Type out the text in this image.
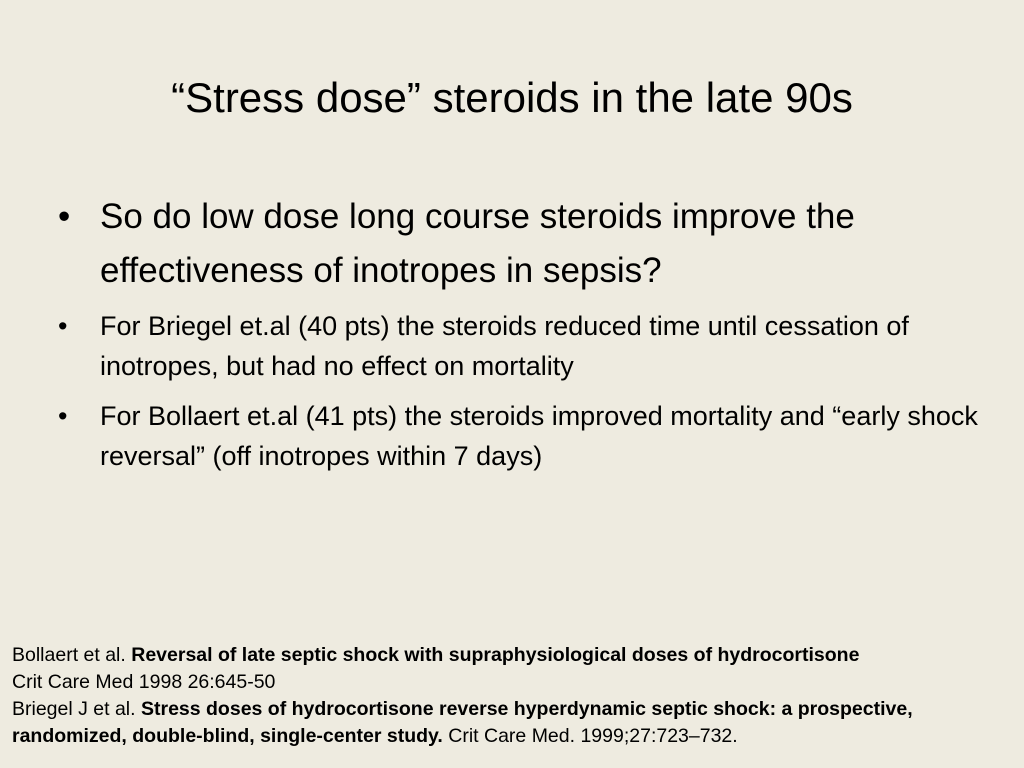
“Stress dose” steroids in the late 90s
• So do low dose long course steroids improve the effectiveness of inotropes in sepsis?
• For Briegel et.al (40 pts) the steroids reduced time until cessation of inotropes, but had no effect on mortality
• For Bollaert et.al (41 pts) the steroids improved mortality and “early shock reversal” (off inotropes within 7 days)

Bollaert et al. Reversal of late septic shock with supraphysiological doses of hydrocortisone
Crit Care Med 1998 26:645-50

Briegel J et al. Stress doses of hydrocortisone reverse hyperdynamic septic shock: a prospective, randomized, double-blind, single-center study. Crit Care Med. 1999;27:723–732.
